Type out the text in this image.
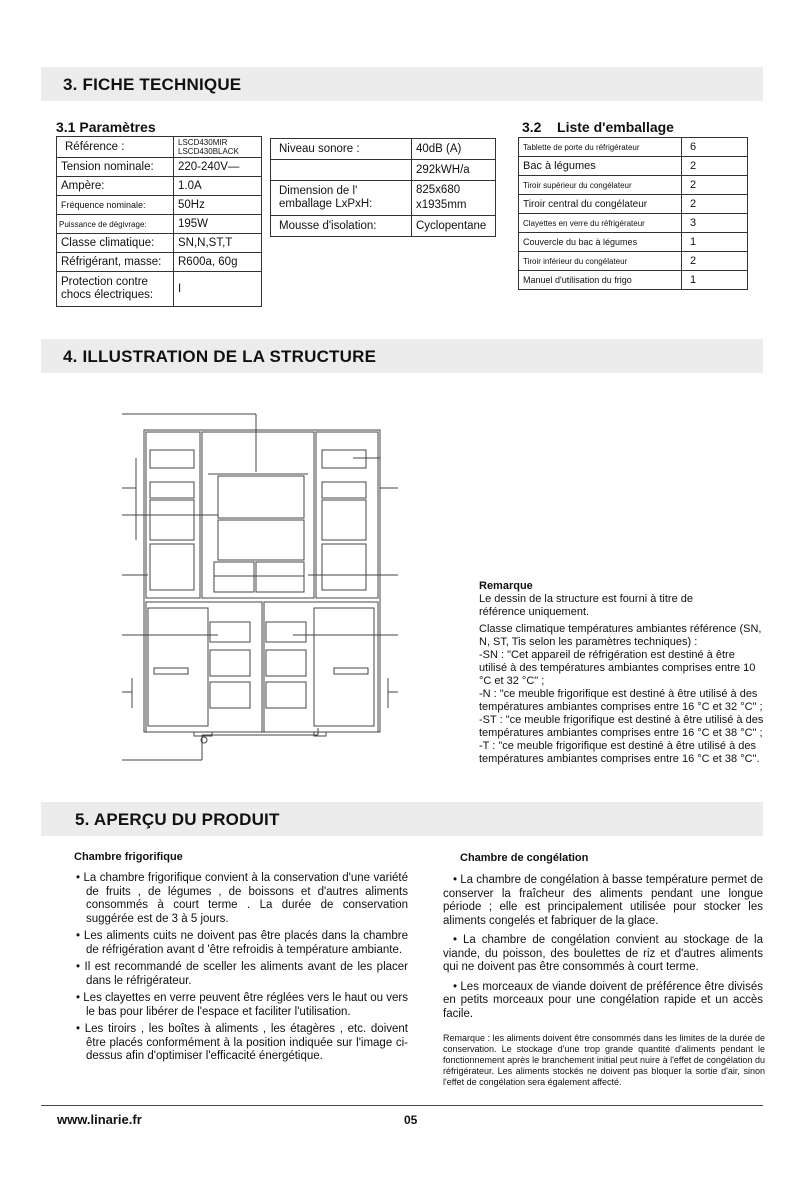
3. FICHE TECHNIQUE
3.1 Paramètres
Référence :	LSCD430MIR
LSCD430BLACK
Tension nominale:	220-240V—
Ampère:	1.0A
Fréquence nominale:	50Hz
Puissance de dégivrage:	195W
Classe climatique:	SN,N,ST,T
Réfrigérant, masse:	R600a, 60g
Protection contre
chocs électriques:	I
Niveau sonore :	40dB (A)
	292kWH/a
Dimension de l'
emballage LxPxH:	825x680
x1935mm
Mousse d'isolation:	Cyclopentane
3.2 Liste d'emballage
Tablette de porte du réfrigérateur	6
Bac à légumes	2
Tiroir supérieur du congélateur	2
Tiroir central du congélateur	2
Clayettes en verre du réfrigérateur	3
Couvercle du bac à légumes	1
Tiroir inférieur du congélateur	2
Manuel d'utilisation du frigo	1
4. ILLUSTRATION DE LA STRUCTURE
Remarque
Le dessin de la structure est fourni à titre de
référence uniquement.
Classe climatique températures ambiantes référence (SN, N, ST, Tis selon les paramètres techniques) :
-SN : "Cet appareil de réfrigération est destiné à être utilisé à des températures ambiantes comprises entre 10 °C et 32 °C" ;
-N : "ce meuble frigorifique est destiné à être utilisé à des températures ambiantes comprises entre 16 °C et 32 °C" ;
-ST : "ce meuble frigorifique est destiné à être utilisé à des températures ambiantes comprises entre 16 °C et 38 °C" ;
-T : "ce meuble frigorifique est destiné à être utilisé à des températures ambiantes comprises entre 16 °C et 38 °C".
5. APERÇU DU PRODUIT
Chambre frigorifique
• La chambre frigorifique convient à la conservation d'une variété de fruits , de légumes , de boissons et d'autres aliments consommés à court terme . La durée de conservation suggérée est de 3 à 5 jours.
• Les aliments cuits ne doivent pas être placés dans la chambre de réfrigération avant d 'être refroidis à température ambiante.
• Il est recommandé de sceller les aliments avant de les placer dans le réfrigérateur.
• Les clayettes en verre peuvent être réglées vers le haut ou vers le bas pour libérer de l'espace et faciliter l'utilisation.
• Les tiroirs , les boîtes à aliments , les étagères , etc. doivent être placés conformément à la position indiquée sur l'image ci-dessus afin d'optimiser l'efficacité énergétique.
Chambre de congélation

• La chambre de congélation à basse température permet de conserver la fraîcheur des aliments pendant une longue période ; elle est principalement utilisée pour stocker les aliments congelés et fabriquer de la glace.

• La chambre de congélation convient au stockage de la viande, du poisson, des boulettes de riz et d'autres aliments qui ne doivent pas être consommés à court terme.

• Les morceaux de viande doivent de préférence être divisés en petits morceaux pour une congélation rapide et un accès facile.

Remarque : les aliments doivent être consommés dans les limites de la durée de conservation. Le stockage d'une trop grande quantité d'aliments pendant le fonctionnement après le branchement initial peut nuire à l'effet de congélation du réfrigérateur. Les aliments stockés ne doivent pas bloquer la sortie d'air, sinon l'effet de congélation sera également affecté.
www.linarie.fr	05
